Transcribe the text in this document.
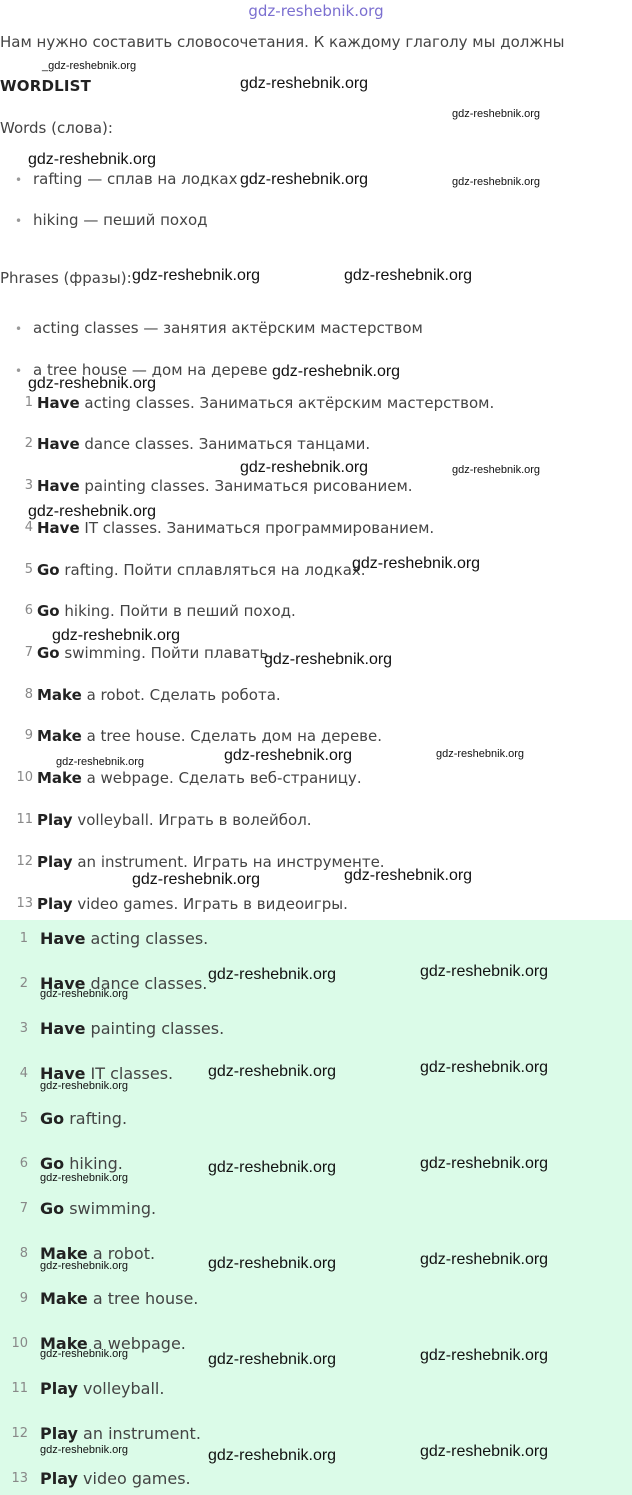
gdz-reshebnik.org
Нам нужно составить словосочетания. К каждому глаголу мы должны
WORDLIST
Words (слова):
• rafting — сплав на лодках
• hiking — пеший поход
Phrases (фразы):
• acting classes — занятия актёрским мастерством
• a tree house — дом на дереве
1 Have acting classes. Заниматься актёрским мастерством.
2 Have dance classes. Заниматься танцами.
3 Have painting classes. Заниматься рисованием.
4 Have IT classes. Заниматься программированием.
5 Go rafting. Пойти сплавляться на лодках.
6 Go hiking. Пойти в пеший поход.
7 Go swimming. Пойти плавать.
8 Make a robot. Сделать робота.
9 Make a tree house. Сделать дом на дереве.
10 Make a webpage. Сделать веб-страницу.
11 Play volleyball. Играть в волейбол.
12 Play an instrument. Играть на инструменте.
13 Play video games. Играть в видеоигры.
1 Have acting classes.
2 Have dance classes.
3 Have painting classes.
4 Have IT classes.
5 Go rafting.
6 Go hiking.
7 Go swimming.
8 Make a robot.
9 Make a tree house.
10 Make a webpage.
11 Play volleyball.
12 Play an instrument.
13 Play video games.
_gdz-reshebnik.org
gdz-reshebnik.org
gdz-reshebnik.org
gdz-reshebnik.org
gdz-reshebnik.org	gdz-reshebnik.org
gdz-reshebnik.org	gdz-reshebnik.org
gdz-reshebnik.org
gdz-reshebnik.org
gdz-reshebnik.org	gdz-reshebnik.org
gdz-reshebnik.org
gdz-reshebnik.org
gdz-reshebnik.org
gdz-reshebnik.org
gdz-reshebnik.org	gdz-reshebnik.org
gdz-reshebnik.org
gdz-reshebnik.org	gdz-reshebnik.org
gdz-reshebnik.org	gdz-reshebnik.org
gdz-reshebnik.org
gdz-reshebnik.org	gdz-reshebnik.org
gdz-reshebnik.org
gdz-reshebnik.org	gdz-reshebnik.org
gdz-reshebnik.org
gdz-reshebnik.org	gdz-reshebnik.org
gdz-reshebnik.org
gdz-reshebnik.org	gdz-reshebnik.org
gdz-reshebnik.org
gdz-reshebnik.org	gdz-reshebnik.org
gdz-reshebnik.org
